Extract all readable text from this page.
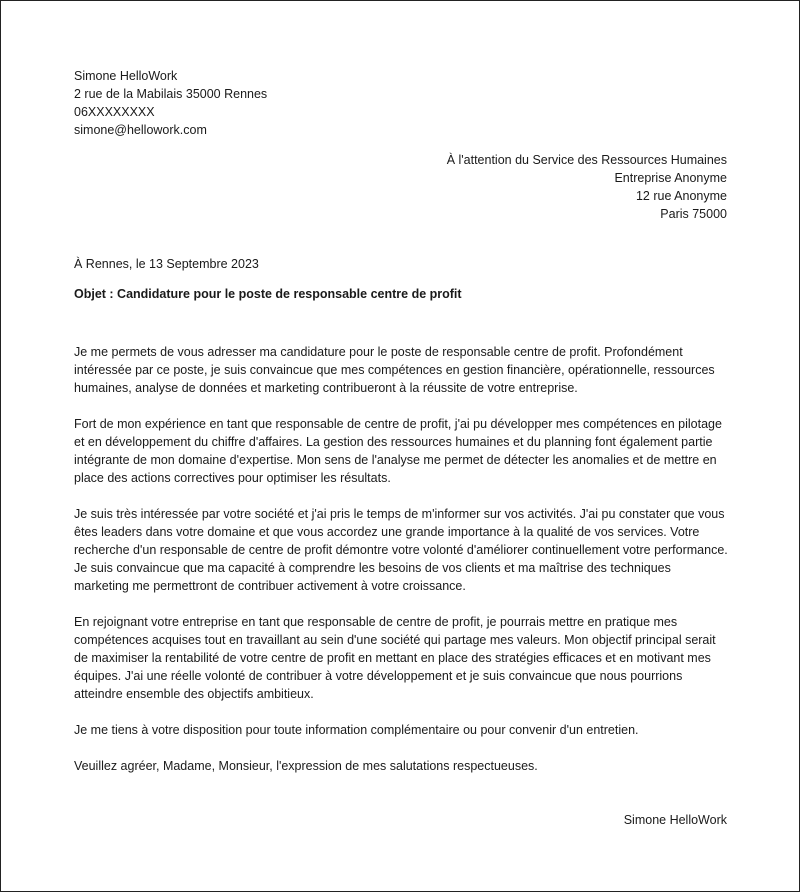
Simone HelloWork
2 rue de la Mabilais 35000 Rennes
06XXXXXXXX
simone@hellowork.com
À l'attention du Service des Ressources Humaines
Entreprise Anonyme
12 rue Anonyme
Paris 75000
À Rennes, le 13 Septembre 2023
Objet : Candidature pour le poste de responsable centre de profit

Je me permets de vous adresser ma candidature pour le poste de responsable centre de profit. Profondément intéressée par ce poste, je suis convaincue que mes compétences en gestion financière, opérationnelle, ressources humaines, analyse de données et marketing contribueront à la réussite de votre entreprise.

Fort de mon expérience en tant que responsable de centre de profit, j'ai pu développer mes compétences en pilotage et en développement du chiffre d'affaires. La gestion des ressources humaines et du planning font également partie intégrante de mon domaine d'expertise. Mon sens de l'analyse me permet de détecter les anomalies et de mettre en place des actions correctives pour optimiser les résultats.

Je suis très intéressée par votre société et j'ai pris le temps de m'informer sur vos activités. J'ai pu constater que vous êtes leaders dans votre domaine et que vous accordez une grande importance à la qualité de vos services. Votre recherche d'un responsable de centre de profit démontre votre volonté d'améliorer continuellement votre performance. Je suis convaincue que ma capacité à comprendre les besoins de vos clients et ma maîtrise des techniques marketing me permettront de contribuer activement à votre croissance.

En rejoignant votre entreprise en tant que responsable de centre de profit, je pourrais mettre en pratique mes compétences acquises tout en travaillant au sein d'une société qui partage mes valeurs. Mon objectif principal serait de maximiser la rentabilité de votre centre de profit en mettant en place des stratégies efficaces et en motivant mes équipes. J'ai une réelle volonté de contribuer à votre développement et je suis convaincue que nous pourrions atteindre ensemble des objectifs ambitieux.

Je me tiens à votre disposition pour toute information complémentaire ou pour convenir d'un entretien.

Veuillez agréer, Madame, Monsieur, l'expression de mes salutations respectueuses.

Simone HelloWork
